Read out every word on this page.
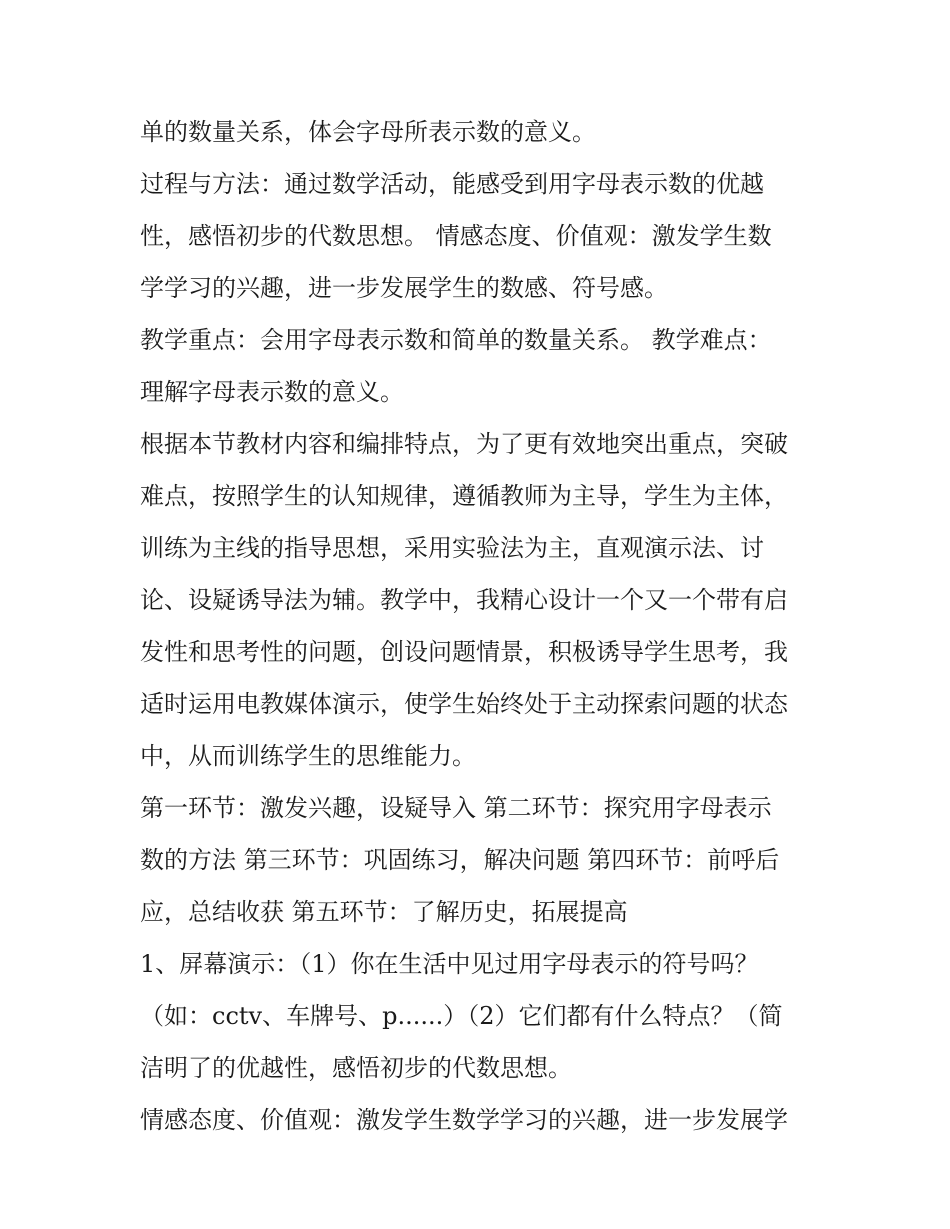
单的数量关系，体会字母所表示数的意义。
过程与方法：通过数学活动，能感受到用字母表示数的优越
性，感悟初步的代数思想。 情感态度、价值观：激发学生数
学学习的兴趣，进一步发展学生的数感、符号感。
教学重点：会用字母表示数和简单的数量关系。 教学难点：
理解字母表示数的意义。
根据本节教材内容和编排特点，为了更有效地突出重点，突破
难点，按照学生的认知规律，遵循教师为主导，学生为主体，
训练为主线的指导思想，采用实验法为主，直观演示法、讨
论、设疑诱导法为辅。教学中，我精心设计一个又一个带有启
发性和思考性的问题，创设问题情景，积极诱导学生思考，我
适时运用电教媒体演示，使学生始终处于主动探索问题的状态
中，从而训练学生的思维能力。
第一环节：激发兴趣，设疑导入 第二环节：探究用字母表示
数的方法 第三环节：巩固练习，解决问题 第四环节：前呼后
应，总结收获 第五环节：了解历史，拓展提高
1、屏幕演示：（1）你在生活中见过用字母表示的符号吗？
（如：cctv、车牌号、p......）（2）它们都有什么特点？（简
洁明了的优越性，感悟初步的代数思想。
情感态度、价值观：激发学生数学学习的兴趣，进一步发展学
